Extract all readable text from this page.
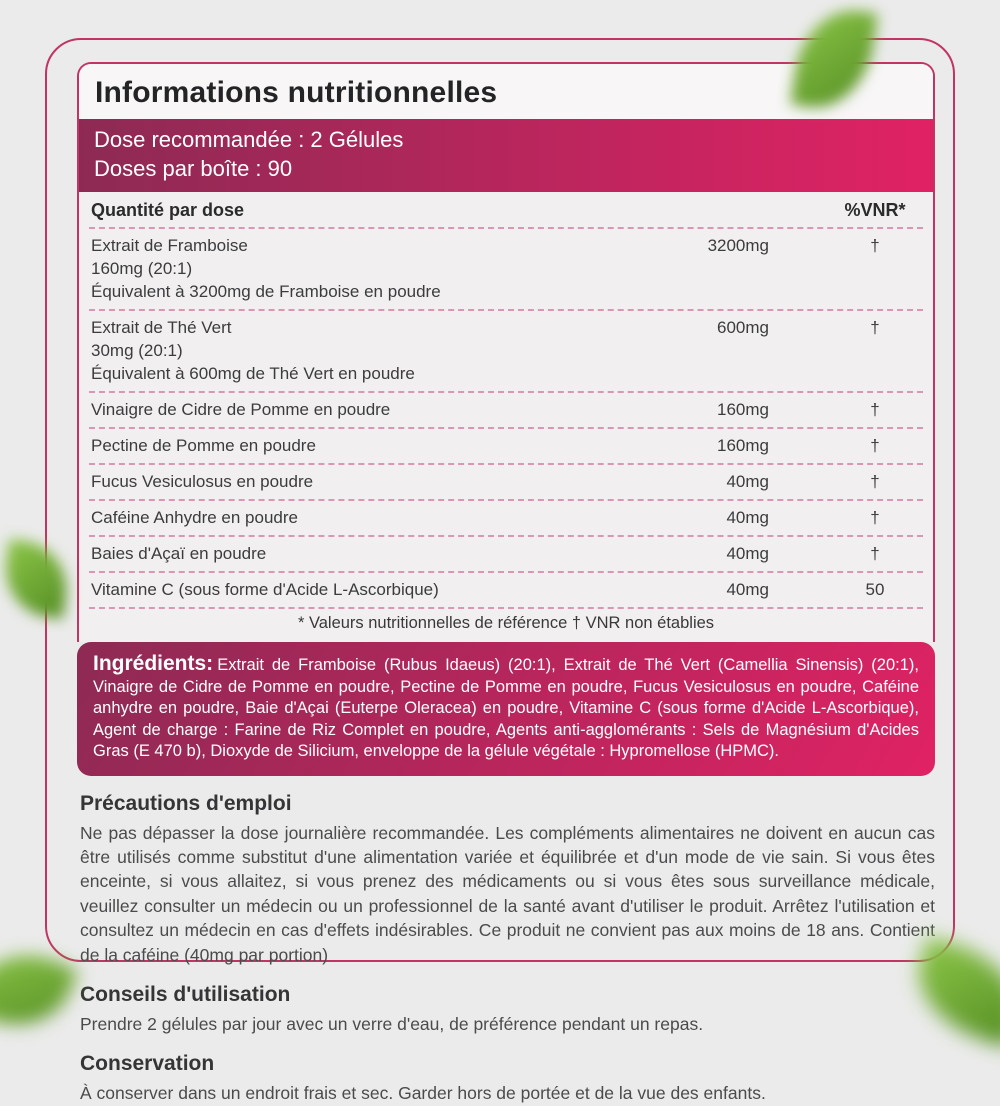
Informations nutritionnelles
Dose recommandée : 2 Gélules
Doses par boîte : 90
Quantité par dose	%VNR*
Extrait de Framboise
160mg (20:1)
Équivalent à 3200mg de Framboise en poudre
3200mg	†
Extrait de Thé Vert
30mg (20:1)
Équivalent à 600mg de Thé Vert en poudre
600mg	†
Vinaigre de Cidre de Pomme en poudre	160mg	†
Pectine de Pomme en poudre	160mg	†
Fucus Vesiculosus en poudre	40mg	†
Caféine Anhydre en poudre	40mg	†
Baies d'Açaï en poudre	40mg	†
Vitamine C (sous forme d'Acide L-Ascorbique)	40mg	50
* Valeurs nutritionnelles de référence † VNR non établies
Ingrédients: Extrait de Framboise (Rubus Idaeus) (20:1), Extrait de Thé Vert (Camellia Sinensis) (20:1), Vinaigre de Cidre de Pomme en poudre, Pectine de Pomme en poudre, Fucus Vesiculosus en poudre, Caféine anhydre en poudre, Baie d'Açai (Euterpe Oleracea) en poudre, Vitamine C (sous forme d'Acide L-Ascorbique), Agent de charge : Farine de Riz Complet en poudre, Agents anti-agglomérants : Sels de Magnésium d'Acides Gras (E 470 b), Dioxyde de Silicium, enveloppe de la gélule végétale : Hypromellose (HPMC).
Précautions d'emploi

Ne pas dépasser la dose journalière recommandée. Les compléments alimentaires ne doivent en aucun cas être utilisés comme substitut d'une alimentation variée et équilibrée et d'un mode de vie sain. Si vous êtes enceinte, si vous allaitez, si vous prenez des médicaments ou si vous êtes sous surveillance médicale, veuillez consulter un médecin ou un professionnel de la santé avant d'utiliser le produit. Arrêtez l'utilisation et consultez un médecin en cas d'effets indésirables. Ce produit ne convient pas aux moins de 18 ans. Contient de la caféine (40mg par portion)

Conseils d'utilisation

Prendre 2 gélules par jour avec un verre d'eau, de préférence pendant un repas.

Conservation

À conserver dans un endroit frais et sec. Garder hors de portée et de la vue des enfants.
